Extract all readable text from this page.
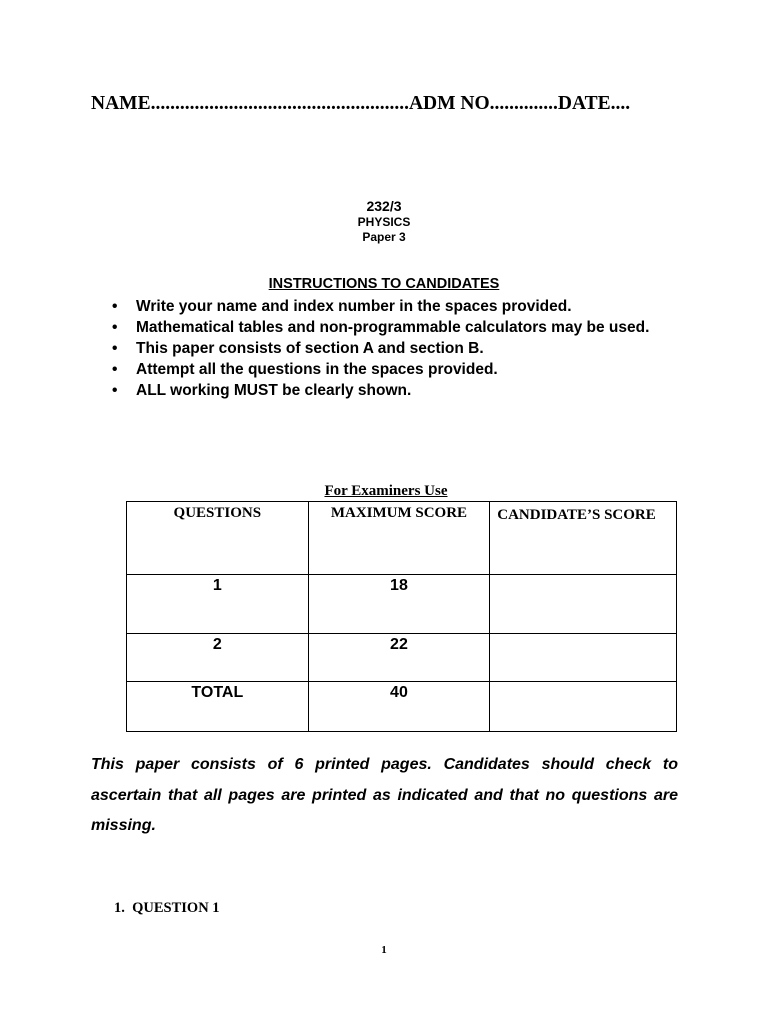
NAME.....................................................ADM NO..............DATE....
232/3
PHYSICS
Paper 3
INSTRUCTIONS TO CANDIDATES
• Write your name and index number in the spaces provided.
• Mathematical tables and non-programmable calculators may be used.
• This paper consists of section A and section B.
• Attempt all the questions in the spaces provided.
• ALL working MUST be clearly shown.
For Examiners Use
QUESTIONS	MAXIMUM SCORE	CANDIDATE’S SCORE
1	18	
2	22	
TOTAL	40	
This paper consists of 6 printed pages. Candidates should check to ascertain that all pages are printed as indicated and that no questions are missing.
1. QUESTION 1
1
